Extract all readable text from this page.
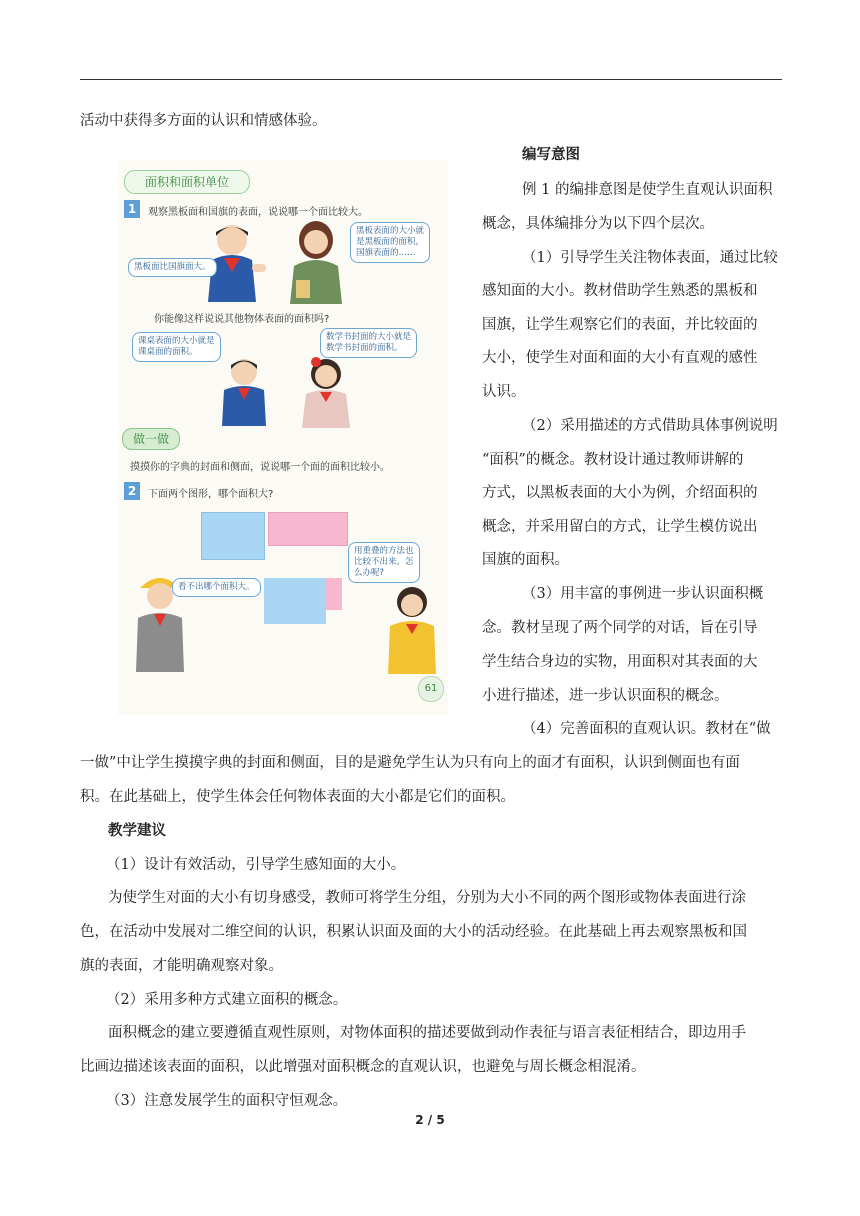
活动中获得多方面的认识和情感体验。
编写意图
例 1 的编排意图是使学生直观认识面积
概念，具体编排分为以下四个层次。
（1）引导学生关注物体表面，通过比较
感知面的大小。教材借助学生熟悉的黑板和
国旗，让学生观察它们的表面，并比较面的
大小，使学生对面和面的大小有直观的感性
认识。
（2）采用描述的方式借助具体事例说明
“面积”的概念。教材设计通过教师讲解的
方式，以黑板表面的大小为例，介绍面积的
概念，并采用留白的方式，让学生模仿说出
国旗的面积。
（3）用丰富的事例进一步认识面积概
念。教材呈现了两个同学的对话，旨在引导
学生结合身边的实物，用面积对其表面的大
小进行描述，进一步认识面积的概念。
（4）完善面积的直观认识。教材在“做
一做”中让学生摸摸字典的封面和侧面，目的是避免学生认为只有向上的面才有面积，认识到侧面也有面
积。在此基础上，使学生体会任何物体表面的大小都是它们的面积。
教学建议
（1）设计有效活动，引导学生感知面的大小。
为使学生对面的大小有切身感受，教师可将学生分组，分别为大小不同的两个图形或物体表面进行涂
色，在活动中发展对二维空间的认识，积累认识面及面的大小的活动经验。在此基础上再去观察黑板和国
旗的表面，才能明确观察对象。
（2）采用多种方式建立面积的概念。
面积概念的建立要遵循直观性原则，对物体面积的描述要做到动作表征与语言表征相结合，即边用手
比画边描述该表面的面积，以此增强对面积概念的直观认识，也避免与周长概念相混淆。
（3）注意发展学生的面积守恒观念。
2 / 5
面积和面积单位
1	观察黑板面和国旗的表面，说说哪一个面比较大。
黑板面比国旗面大。
黑板表面的大小就
是黑板面的面积，
国旗表面的……
你能像这样说说其他物体表面的面积吗?
课桌表面的大小就是
课桌面的面积。
数学书封面的大小就是
数学书封面的面积。
做一做
摸摸你的字典的封面和侧面，说说哪一个面的面积比较小。
2	下面两个图形，哪个面积大?
看不出哪个面积大。
用重叠的方法也
比较不出来。怎
么办呢?
61
